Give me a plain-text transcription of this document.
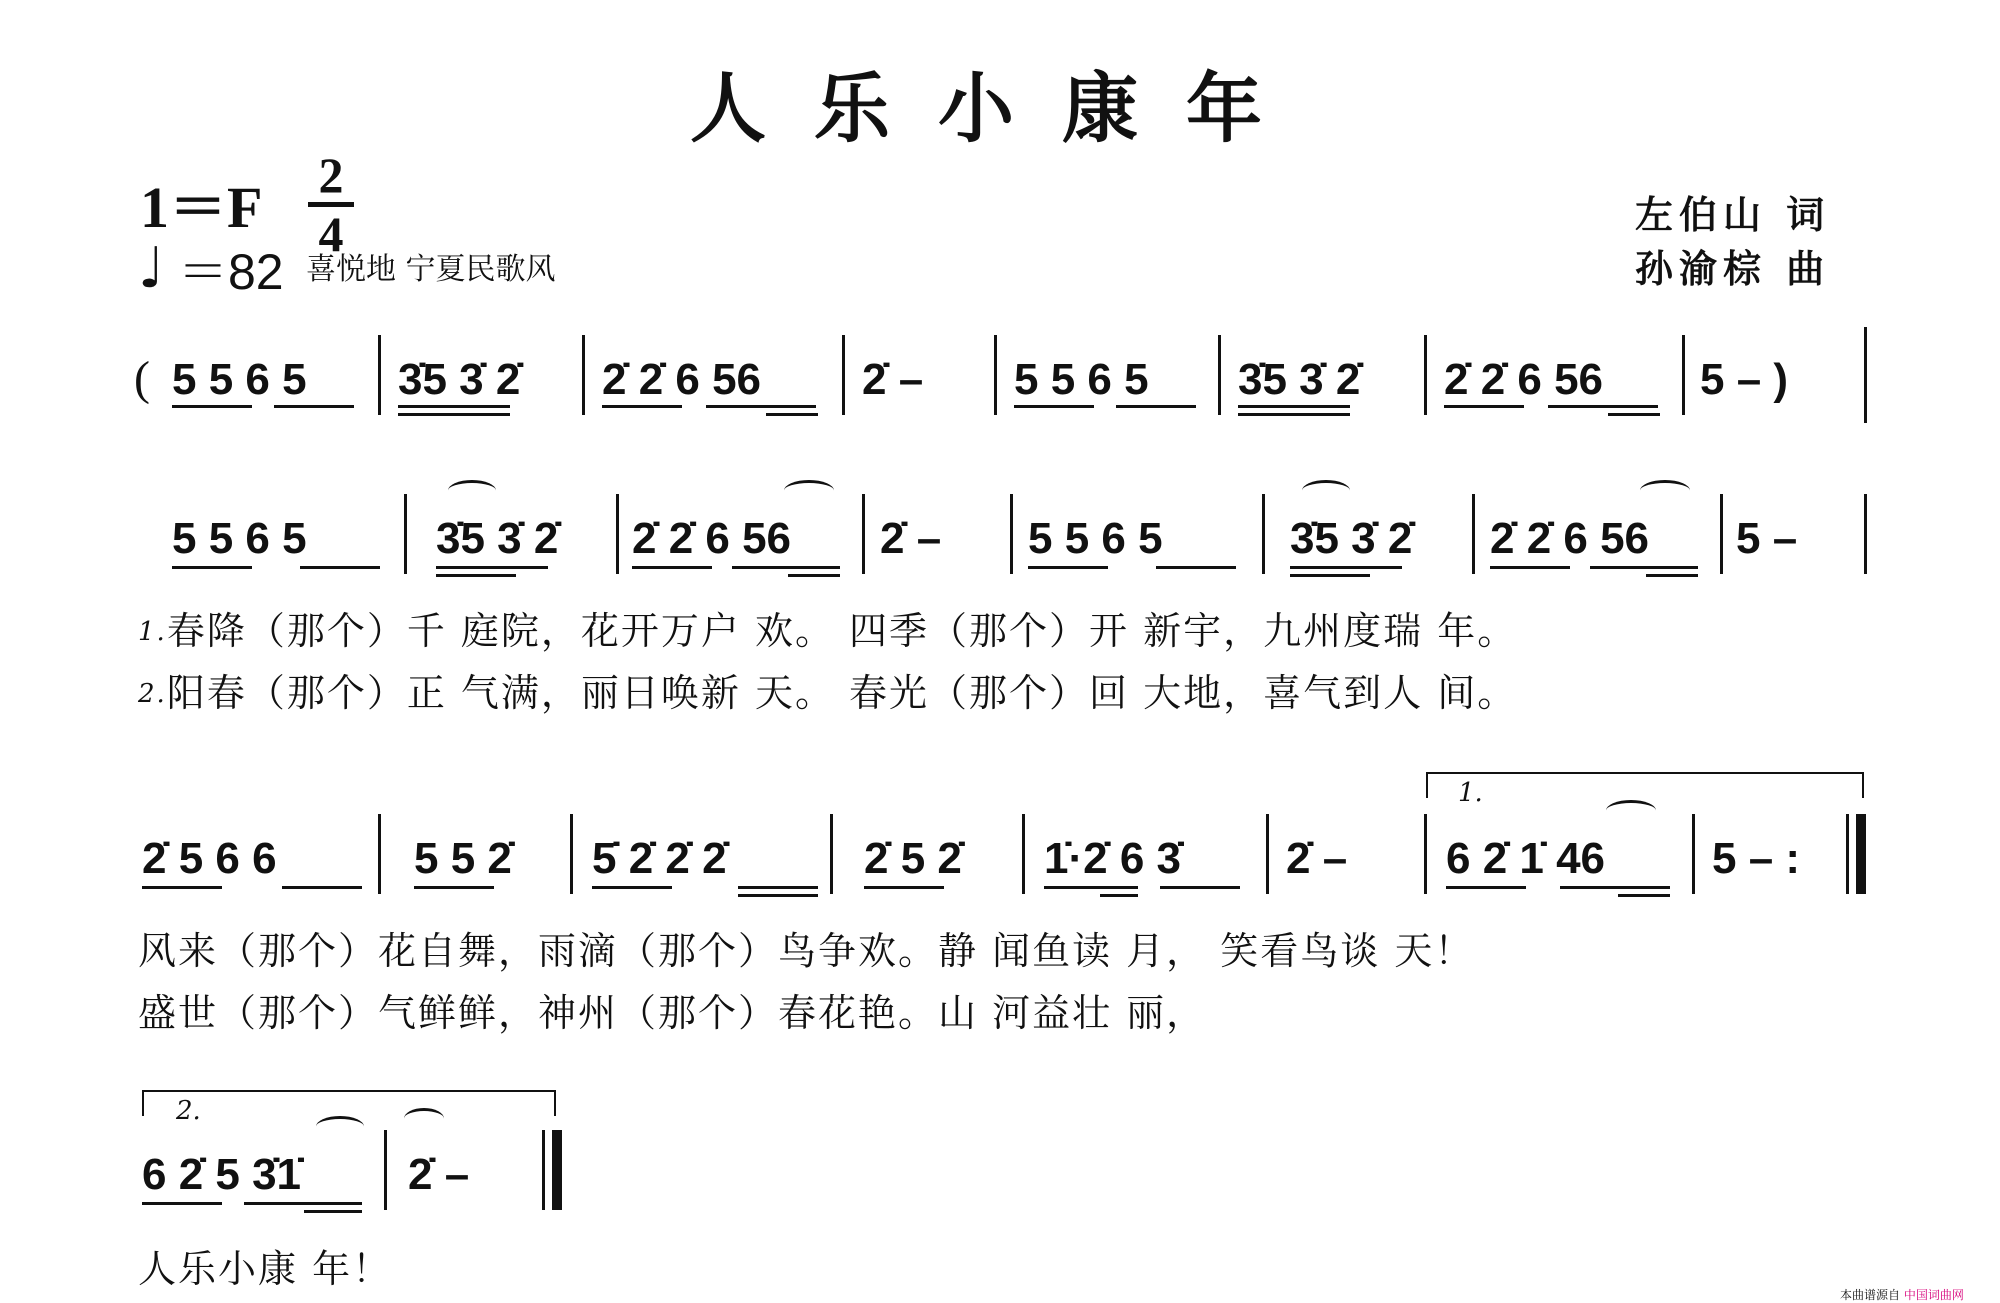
人乐小康年
1＝F 2
4
♩ ＝82 喜悦地 宁夏民歌风
左伯山 词
孙渝棕 曲
( 5 5 6 5 3̇5 3̇ 2̇ 2̇ 2̇ 6 56 2̇ – 5 5 6 5 3̇5 3̇ 2̇ 2̇ 2̇ 6 56 5 – )
5 5 6 5	3̇5 3̇ 2̇ 2̇ 2̇ 6 56 2̇ – 5 5 6 5	3̇5 3̇ 2̇ 2̇ 2̇ 6 56 5 –
1.春降（那个）千 庭院，花开万户 欢。 四季（那个）开 新宇，九州度瑞 年。
2.阳春（那个）正 气满，丽日唤新 天。 春光（那个）回 大地，喜气到人 间。
1.
2̇ 5 6 6	5 5 2̇ 5̇ 2̇ 2̇ 2̇	2̇ 5 2̇ 1̇·2̇ 6 3̇ 2̇ – 6 2̇ 1̇ 46 5 – :
风来（那个）花自舞，雨滴（那个）鸟争欢。静 闻鱼读 月， 笑看鸟谈 天！
盛世（那个）气鲜鲜，神州（那个）春花艳。山 河益壮 丽，
2.
6 2̇ 5 3̇1̇ 2̇ –
人乐小康 年！
本曲谱源自 中国词曲网
